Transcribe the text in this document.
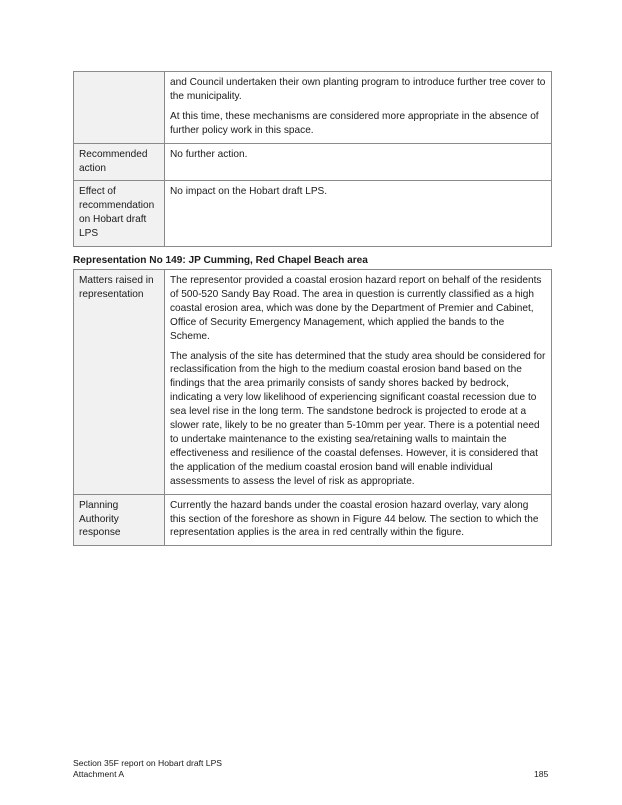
	and Council undertaken their own planting program to introduce further tree cover to the municipality.

At this time, these mechanisms are considered more appropriate in the absence of further policy work in this space.

Recommended action	No further action.

Effect of recommendation on Hobart draft LPS	No impact on the Hobart draft LPS.

Representation No 149: JP Cumming, Red Chapel Beach area
Matters raised in representation	The representor provided a coastal erosion hazard report on behalf of the residents of 500-520 Sandy Bay Road. The area in question is currently classified as a high coastal erosion area, which was done by the Department of Premier and Cabinet, Office of Security Emergency Management, which applied the bands to the Scheme.

The analysis of the site has determined that the study area should be considered for reclassification from the high to the medium coastal erosion band based on the findings that the area primarily consists of sandy shores backed by bedrock, indicating a very low likelihood of experiencing significant coastal recession due to sea level rise in the long term. The sandstone bedrock is projected to erode at a slower rate, likely to be no greater than 5-10mm per year. There is a potential need to undertake maintenance to the existing sea/retaining walls to maintain the effectiveness and resilience of the coastal defenses. However, it is considered that the application of the medium coastal erosion band will enable individual assessments to assess the level of risk as appropriate.

Planning Authority response	Currently the hazard bands under the coastal erosion hazard overlay, vary along this section of the foreshore as shown in Figure 44 below. The section to which the representation applies is the area in red centrally within the figure.

Section 35F report on Hobart draft LPS
Attachment A	185
